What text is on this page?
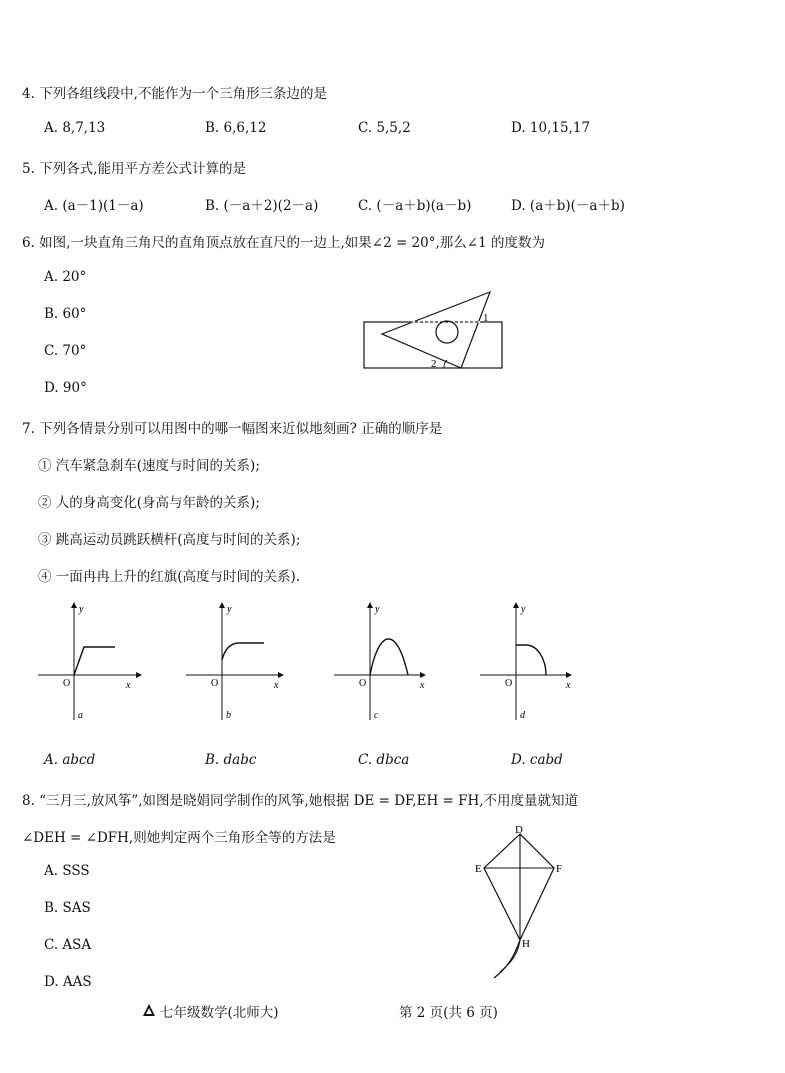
4. 下列各组线段中,不能作为一个三角形三条边的是
A. 8,7,13	B. 6,6,12	C. 5,5,2	D. 10,15,17
5. 下列各式,能用平方差公式计算的是
A. (a－1)(1－a)	B. (－a＋2)(2－a)	C. (－a＋b)(a－b)	D. (a＋b)(－a＋b)
6. 如图,一块直角三角尺的直角顶点放在直尺的一边上,如果∠2 = 20°,那么∠1 的度数为
A. 20°
B. 60°
C. 70°
D. 90°
1
2
7. 下列各情景分别可以用图中的哪一幅图来近似地刻画? 正确的顺序是
① 汽车紧急刹车(速度与时间的关系);
② 人的身高变化(身高与年龄的关系);
③ 跳高运动员跳跃横杆(高度与时间的关系);
④ 一面冉冉上升的红旗(高度与时间的关系).
y
x
O
a
y
x
O
b
y
x
O
c
y
x
O
d
A. abcd	B. dabc	C. dbca	D. cabd
8. “三月三,放风筝”,如图是晓娟同学制作的风筝,她根据 DE = DF,EH = FH,不用度量就知道
∠DEH = ∠DFH,则她判定两个三角形全等的方法是
A. SSS
B. SAS
C. ASA
D. AAS
D
E	F
H
七年级数学(北师大)	第 2 页(共 6 页)
